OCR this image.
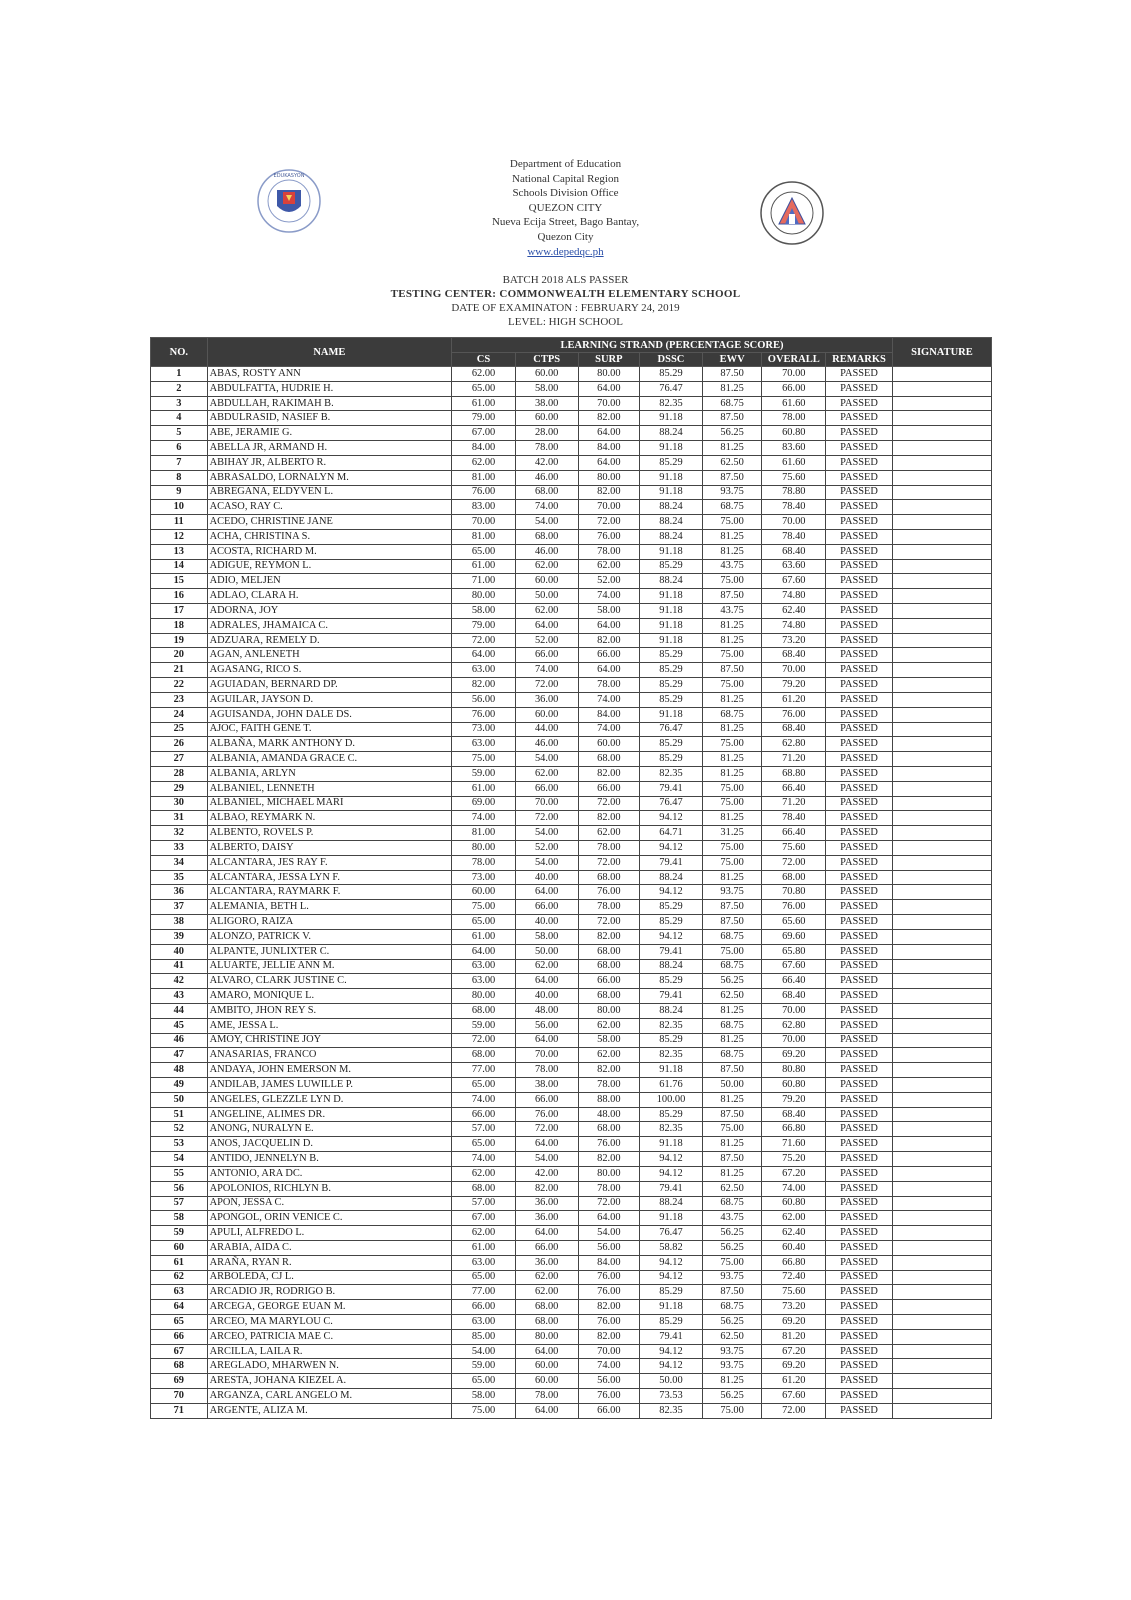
EDUKASYON
Department of Education
National Capital Region
Schools Division Office
QUEZON CITY
Nueva Ecija Street, Bago Bantay,
Quezon City
www.depedqc.ph
BATCH 2018 ALS PASSER
TESTING CENTER: COMMONWEALTH ELEMENTARY SCHOOL
DATE OF EXAMINATON : FEBRUARY 24, 2019
LEVEL: HIGH SCHOOL
NO.	NAME	LEARNING STRAND (PERCENTAGE SCORE)							SIGNATURE
		CS	CTPS	SURP	DSSC	EWV	OVERALL	REMARKS	
1	ABAS, ROSTY ANN	62.00	60.00	80.00	85.29	87.50	70.00	PASSED	
2	ABDULFATTA, HUDRIE H.	65.00	58.00	64.00	76.47	81.25	66.00	PASSED	
3	ABDULLAH, RAKIMAH B.	61.00	38.00	70.00	82.35	68.75	61.60	PASSED	
4	ABDULRASID, NASIEF B.	79.00	60.00	82.00	91.18	87.50	78.00	PASSED	
5	ABE, JERAMIE G.	67.00	28.00	64.00	88.24	56.25	60.80	PASSED	
6	ABELLA JR, ARMAND H.	84.00	78.00	84.00	91.18	81.25	83.60	PASSED	
7	ABIHAY JR, ALBERTO R.	62.00	42.00	64.00	85.29	62.50	61.60	PASSED	
8	ABRASALDO, LORNALYN M.	81.00	46.00	80.00	91.18	87.50	75.60	PASSED	
9	ABREGANA, ELDYVEN L.	76.00	68.00	82.00	91.18	93.75	78.80	PASSED	
10	ACASO, RAY C.	83.00	74.00	70.00	88.24	68.75	78.40	PASSED	
11	ACEDO, CHRISTINE JANE	70.00	54.00	72.00	88.24	75.00	70.00	PASSED	
12	ACHA, CHRISTINA S.	81.00	68.00	76.00	88.24	81.25	78.40	PASSED	
13	ACOSTA, RICHARD M.	65.00	46.00	78.00	91.18	81.25	68.40	PASSED	
14	ADIGUE, REYMON L.	61.00	62.00	62.00	85.29	43.75	63.60	PASSED	
15	ADIO, MELJEN	71.00	60.00	52.00	88.24	75.00	67.60	PASSED	
16	ADLAO, CLARA H.	80.00	50.00	74.00	91.18	87.50	74.80	PASSED	
17	ADORNA, JOY	58.00	62.00	58.00	91.18	43.75	62.40	PASSED	
18	ADRALES, JHAMAICA C.	79.00	64.00	64.00	91.18	81.25	74.80	PASSED	
19	ADZUARA, REMELY D.	72.00	52.00	82.00	91.18	81.25	73.20	PASSED	
20	AGAN, ANLENETH	64.00	66.00	66.00	85.29	75.00	68.40	PASSED	
21	AGASANG, RICO S.	63.00	74.00	64.00	85.29	87.50	70.00	PASSED	
22	AGUIADAN, BERNARD DP.	82.00	72.00	78.00	85.29	75.00	79.20	PASSED	
23	AGUILAR, JAYSON D.	56.00	36.00	74.00	85.29	81.25	61.20	PASSED	
24	AGUISANDA, JOHN DALE DS.	76.00	60.00	84.00	91.18	68.75	76.00	PASSED	
25	AJOC, FAITH GENE T.	73.00	44.00	74.00	76.47	81.25	68.40	PASSED	
26	ALBAÑA, MARK ANTHONY D.	63.00	46.00	60.00	85.29	75.00	62.80	PASSED	
27	ALBANIA, AMANDA GRACE C.	75.00	54.00	68.00	85.29	81.25	71.20	PASSED	
28	ALBANIA, ARLYN	59.00	62.00	82.00	82.35	81.25	68.80	PASSED	
29	ALBANIEL, LENNETH	61.00	66.00	66.00	79.41	75.00	66.40	PASSED	
30	ALBANIEL, MICHAEL MARI	69.00	70.00	72.00	76.47	75.00	71.20	PASSED	
31	ALBAO, REYMARK N.	74.00	72.00	82.00	94.12	81.25	78.40	PASSED	
32	ALBENTO, ROVELS P.	81.00	54.00	62.00	64.71	31.25	66.40	PASSED	
33	ALBERTO, DAISY	80.00	52.00	78.00	94.12	75.00	75.60	PASSED	
34	ALCANTARA, JES RAY F.	78.00	54.00	72.00	79.41	75.00	72.00	PASSED	
35	ALCANTARA, JESSA LYN F.	73.00	40.00	68.00	88.24	81.25	68.00	PASSED	
36	ALCANTARA, RAYMARK F.	60.00	64.00	76.00	94.12	93.75	70.80	PASSED	
37	ALEMANIA, BETH L.	75.00	66.00	78.00	85.29	87.50	76.00	PASSED	
38	ALIGORO, RAIZA	65.00	40.00	72.00	85.29	87.50	65.60	PASSED	
39	ALONZO, PATRICK V.	61.00	58.00	82.00	94.12	68.75	69.60	PASSED	
40	ALPANTE, JUNLIXTER C.	64.00	50.00	68.00	79.41	75.00	65.80	PASSED	
41	ALUARTE, JELLIE ANN M.	63.00	62.00	68.00	88.24	68.75	67.60	PASSED	
42	ALVARO, CLARK JUSTINE C.	63.00	64.00	66.00	85.29	56.25	66.40	PASSED	
43	AMARO, MONIQUE L.	80.00	40.00	68.00	79.41	62.50	68.40	PASSED	
44	AMBITO, JHON REY S.	68.00	48.00	80.00	88.24	81.25	70.00	PASSED	
45	AME, JESSA L.	59.00	56.00	62.00	82.35	68.75	62.80	PASSED	
46	AMOY, CHRISTINE JOY	72.00	64.00	58.00	85.29	81.25	70.00	PASSED	
47	ANASARIAS, FRANCO	68.00	70.00	62.00	82.35	68.75	69.20	PASSED	
48	ANDAYA, JOHN EMERSON M.	77.00	78.00	82.00	91.18	87.50	80.80	PASSED	
49	ANDILAB, JAMES LUWILLE P.	65.00	38.00	78.00	61.76	50.00	60.80	PASSED	
50	ANGELES, GLEZZLE LYN D.	74.00	66.00	88.00	100.00	81.25	79.20	PASSED	
51	ANGELINE, ALIMES DR.	66.00	76.00	48.00	85.29	87.50	68.40	PASSED	
52	ANONG, NURALYN E.	57.00	72.00	68.00	82.35	75.00	66.80	PASSED	
53	ANOS, JACQUELIN D.	65.00	64.00	76.00	91.18	81.25	71.60	PASSED	
54	ANTIDO, JENNELYN B.	74.00	54.00	82.00	94.12	87.50	75.20	PASSED	
55	ANTONIO, ARA DC.	62.00	42.00	80.00	94.12	81.25	67.20	PASSED	
56	APOLONIOS, RICHLYN B.	68.00	82.00	78.00	79.41	62.50	74.00	PASSED	
57	APON, JESSA C.	57.00	36.00	72.00	88.24	68.75	60.80	PASSED	
58	APONGOL, ORIN VENICE C.	67.00	36.00	64.00	91.18	43.75	62.00	PASSED	
59	APULI, ALFREDO L.	62.00	64.00	54.00	76.47	56.25	62.40	PASSED	
60	ARABIA, AIDA C.	61.00	66.00	56.00	58.82	56.25	60.40	PASSED	
61	ARAÑA, RYAN R.	63.00	36.00	84.00	94.12	75.00	66.80	PASSED	
62	ARBOLEDA, CJ L.	65.00	62.00	76.00	94.12	93.75	72.40	PASSED	
63	ARCADIO JR, RODRIGO B.	77.00	62.00	76.00	85.29	87.50	75.60	PASSED	
64	ARCEGA, GEORGE EUAN M.	66.00	68.00	82.00	91.18	68.75	73.20	PASSED	
65	ARCEO, MA MARYLOU C.	63.00	68.00	76.00	85.29	56.25	69.20	PASSED	
66	ARCEO, PATRICIA MAE C.	85.00	80.00	82.00	79.41	62.50	81.20	PASSED	
67	ARCILLA, LAILA R.	54.00	64.00	70.00	94.12	93.75	67.20	PASSED	
68	AREGLADO, MHARWEN N.	59.00	60.00	74.00	94.12	93.75	69.20	PASSED	
69	ARESTA, JOHANA KIEZEL A.	65.00	60.00	56.00	50.00	81.25	61.20	PASSED	
70	ARGANZA, CARL ANGELO M.	58.00	78.00	76.00	73.53	56.25	67.60	PASSED	
71	ARGENTE, ALIZA M.	75.00	64.00	66.00	82.35	75.00	72.00	PASSED	
